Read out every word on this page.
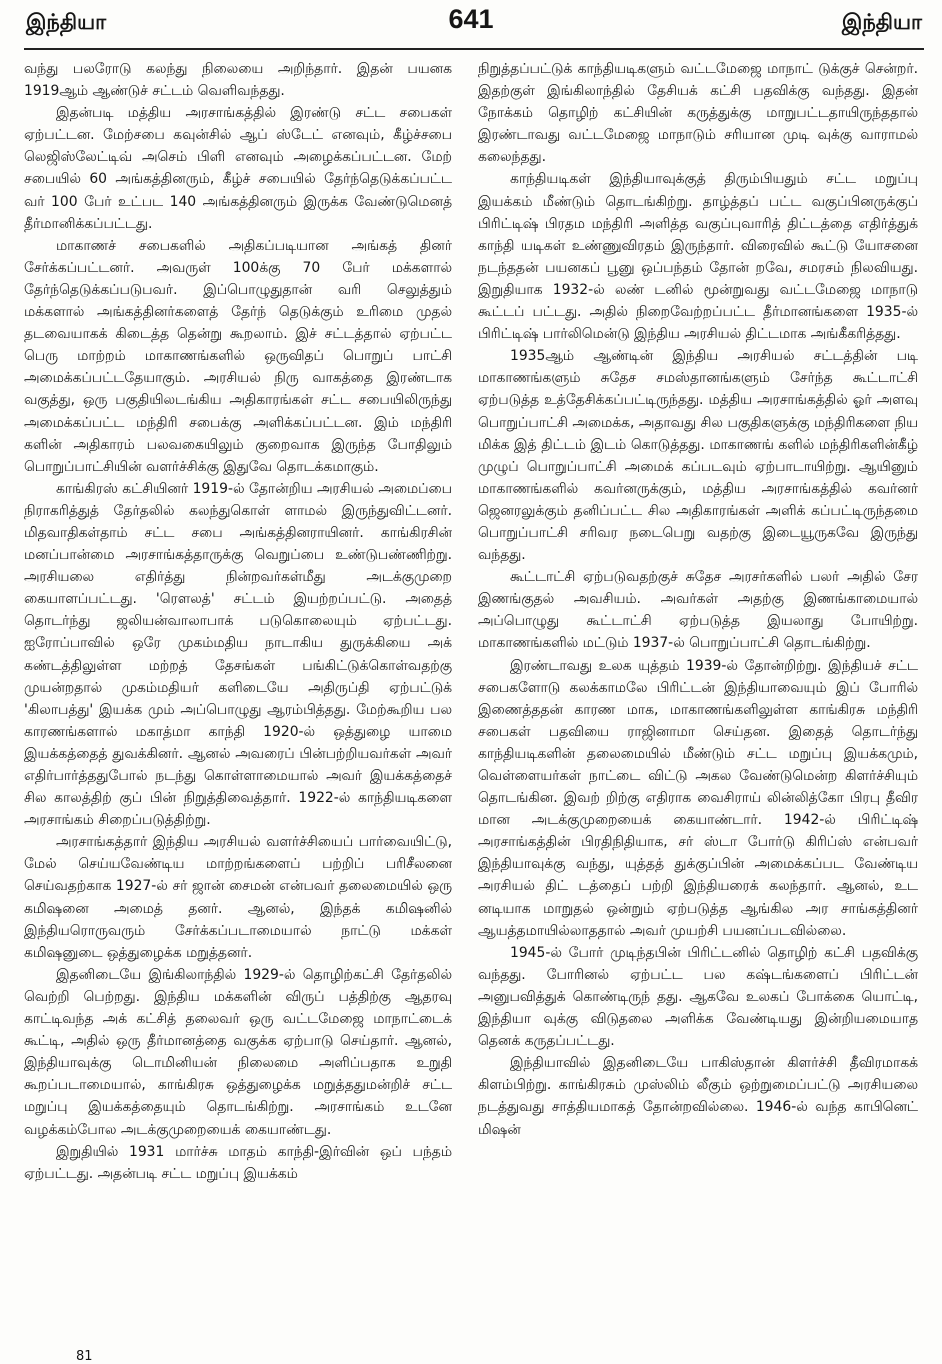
இந்தியா	641	இந்தியா

வந்து பலரோடு கலந்து நிலையை அறிந்தார். இதன் பயனக 1919ஆம் ஆண்டுச் சட்டம் வெளிவந்தது.

இதன்படி மத்திய அரசாங்கத்தில் இரண்டு சட்ட சபைகள் ஏற்பட்டன. மேற்சபை கவுன்சில் ஆப் ஸ்டேட் எனவும், கீழ்ச்சபை லெஜிஸ்லேட்டிவ் அசெம் பிளி எனவும் அழைக்கப்பட்டன. மேற் சபையில் 60 அங்கத்தினரும், கீழ்ச் சபையில் தேர்ந்தெடுக்கப்பட்ட வர் 100 பேர் உட்பட 140 அங்கத்தினரும் இருக்க வேண்டுமெனத் தீர்மானிக்கப்பட்டது.

மாகாணச் சபைகளில் அதிகப்படியான அங்கத் தினர் சேர்க்கப்பட்டனர். அவருள் 100க்கு 70 பேர் மக்களால் தேர்ந்தெடுக்கப்படுபவர். இப்பொழுதுதான் வரி செலுத்தும் மக்களால் அங்கத்தினர்களைத் தேர்ந் தெடுக்கும் உரிமை முதல் தடவையாகக் கிடைத்த தென்று கூறலாம். இச் சட்டத்தால் ஏற்பட்ட பெரு மாற்றம் மாகாணங்களில் ஒருவிதப் பொறுப் பாட்சி அமைக்கப்பட்டதேயாகும். அரசியல் நிரு வாகத்தை இரண்டாக வகுத்து, ஒரு பகுதியிலடங்கிய அதிகாரங்கள் சட்ட சபையிலிருந்து அமைக்கப்பட்ட மந்திரி சபைக்கு அளிக்கப்பட்டன. இம் மந்திரி களின் அதிகாரம் பலவகையிலும் குறைவாக இருந்த போதிலும் பொறுப்பாட்சியின் வளர்ச்சிக்கு இதுவே தொடக்கமாகும்.

காங்கிரஸ் கட்சியினர் 1919-ல் தோன்றிய அரசியல் அமைப்பை நிராகரித்துத் தேர்தலில் கலந்துகொள் ளாமல் இருந்துவிட்டனர். மிதவாதிகள்தாம் சட்ட சபை அங்கத்தினராயினர். காங்கிரசின் மனப்பான்மை அரசாங்கத்தாருக்கு வெறுப்பை உண்டுபண்ணிற்று. அரசியலை எதிர்த்து நின்றவர்கள்மீது அடக்குமுறை கையாளப்பட்டது. 'ரௌலத்' சட்டம் இயற்றப்பட்டு. அதைத் தொடர்ந்து ஜலியன்வாலாபாக் படுகொலையும் ஏற்பட்டது. ஐரோப்பாவில் ஒரே முகம்மதிய நாடாகிய துருக்கியை அக் கண்டத்திலுள்ள மற்றத் தேசங்கள் பங்கிட்டுக்கொள்வதற்கு முயன்றதால் முகம்மதியர் களிடையே அதிருப்தி ஏற்பட்டுக் 'கிலாபத்து' இயக்க மும் அப்பொழுது ஆரம்பித்தது. மேற்கூறிய பல காரணங்களால் மகாத்மா காந்தி 1920-ல் ஒத்துழை யாமை இயக்கத்தைத் துவக்கினர். ஆனல் அவரைப் பின்பற்றியவர்கள் அவர் எதிர்பார்த்ததுபோல் நடந்து கொள்ளாமையால் அவர் இயக்கத்தைச் சில காலத்திற் குப் பின் நிறுத்திவைத்தார். 1922-ல் காந்தியடிகளை அரசாங்கம் சிறைப்படுத்திற்று.

அரசாங்கத்தார் இந்திய அரசியல் வளர்ச்சியைப் பார்வையிட்டு, மேல் செய்யவேண்டிய மாற்றங்களைப் பற்றிப் பரிசீலனை செய்வதற்காக 1927-ல் சர் ஜான் சைமன் என்பவர் தலைமையில் ஒரு கமிஷனை அமைத் தனர். ஆனல், இந்தக் கமிஷனில் இந்தியரொருவரும் சேர்க்கப்படாமையால் நாட்டு மக்கள் கமிஷனுடை ஒத்துழைக்க மறுத்தனர்.

இதனிடையே இங்கிலாந்தில் 1929-ல் தொழிற்கட்சி தேர்தலில் வெற்றி பெற்றது. இந்திய மக்களின் விருப் பத்திற்கு ஆதரவு காட்டிவந்த அக் கட்சித் தலைவர் ஒரு வட்டமேஜை மாநாட்டைக் கூட்டி, அதில் ஒரு தீர்மானத்தை வகுக்க ஏற்பாடு செய்தார். ஆனல், இந்தியாவுக்கு டொமினியன் நிலைமை அளிப்பதாக உறுதி கூறப்படாமையால், காங்கிரசு ஒத்துழைக்க மறுத்ததுமன்றிச் சட்ட மறுப்பு இயக்கத்தையும் தொடங்கிற்று. அரசாங்கம் உடனே வழக்கம்போல அடக்குமுறையைக் கையாண்டது.

இறுதியில் 1931 மார்ச்சு மாதம் காந்தி-இர்வின் ஒப் பந்தம் ஏற்பட்டது. அதன்படி சட்ட மறுப்பு இயக்கம்

நிறுத்தப்பட்டுக் காந்தியடிகளும் வட்டமேஜை மாநாட் டுக்குச் சென்றர். இதற்குள் இங்கிலாந்தில் தேசியக் கட்சி பதவிக்கு வந்தது. இதன் நோக்கம் தொழிற் கட்சியின் கருத்துக்கு மாறுபட்டதாயிருந்ததால் இரண்டாவது வட்டமேஜை மாநாடும் சரியான முடி வுக்கு வாராமல் கலைந்தது.

காந்தியடிகள் இந்தியாவுக்குத் திரும்பியதும் சட்ட மறுப்பு இயக்கம் மீண்டும் தொடங்கிற்று. தாழ்த்தப் பட்ட வகுப்பினருக்குப் பிரிட்டிஷ் பிரதம மந்திரி அளித்த வகுப்புவாரித் திட்டத்தை எதிர்த்துக் காந்தி யடிகள் உண்ணுவிரதம் இருந்தார். விரைவில் கூட்டு யோசனை நடந்ததன் பயனகப் பூனு ஒப்பந்தம் தோன் றவே, சமரசம் நிலவியது. இறுதியாக 1932-ல் லண் டனில் மூன்றுவது வட்டமேஜை மாநாடு கூட்டப் பட்டது. அதில் நிறைவேற்றப்பட்ட தீர்மானங்களை 1935-ல் பிரிட்டிஷ் பார்லிமென்டு இந்திய அரசியல் திட்டமாக அங்கீகரித்தது.

1935ஆம் ஆண்டின் இந்திய அரசியல் சட்டத்தின் படி மாகாணங்களும் சுதேச சமஸ்தானங்களும் சேர்ந்த கூட்டாட்சி ஏற்படுத்த உத்தேசிக்கப்பட்டிருந்தது. மத்திய அரசாங்கத்தில் ஓர் அளவு பொறுப்பாட்சி அமைக்க, அதாவது சில பகுதிகளுக்கு மந்திரிகளை நிய மிக்க இத் திட்டம் இடம் கொடுத்தது. மாகாணங் களில் மந்திரிகளின்கீழ் முழுப் பொறுப்பாட்சி அமைக் கப்படவும் ஏற்பாடாயிற்று. ஆயினும் மாகாணங்களில் கவர்னருக்கும், மத்திய அரசாங்கத்தில் கவர்னர் ஜெனரலுக்கும் தனிப்பட்ட சில அதிகாரங்கள் அளிக் கப்பட்டிருந்தமை பொறுப்பாட்சி சரிவர நடைபெறு வதற்கு இடையூருகவே இருந்து வந்தது.

கூட்டாட்சி ஏற்படுவதற்குச் சுதேச அரசர்களில் பலர் அதில் சேர இணங்குதல் அவசியம். அவர்கள் அதற்கு இணங்காமையால் அப்பொழுது கூட்டாட்சி ஏற்படுத்த இயலாது போயிற்று. மாகாணங்களில் மட்டும் 1937-ல் பொறுப்பாட்சி தொடங்கிற்று.

இரண்டாவது உலக யுத்தம் 1939-ல் தோன்றிற்று. இந்தியச் சட்ட சபைகளோடு கலக்காமலே பிரிட்டன் இந்தியாவையும் இப் போரில் இணைத்ததன் காரண மாக, மாகாணங்களிலுள்ள காங்கிரசு மந்திரி சபைகள் பதவியை ராஜினாமா செய்தன. இதைத் தொடர்ந்து காந்தியடிகளின் தலைமையில் மீண்டும் சட்ட மறுப்பு இயக்கமும், வெள்ளையர்கள் நாட்டை விட்டு அகல வேண்டுமென்ற கிளர்ச்சியும் தொடங்கின. இவற் றிற்கு எதிராக வைசிராய் லின்லித்கோ பிரபு தீவிர மான அடக்குமுறையைக் கையாண்டார். 1942-ல் பிரிட்டிஷ் அரசாங்கத்தின் பிரதிநிதியாக, சர் ஸ்டா போர்டு கிரிப்ஸ் என்பவர் இந்தியாவுக்கு வந்து, யுத்தத் துக்குப்பின் அமைக்கப்பட வேண்டிய அரசியல் திட் டத்தைப் பற்றி இந்தியரைக் கலந்தார். ஆனல், உட னடியாக மாறுதல் ஒன்றும் ஏற்படுத்த ஆங்கில அர சாங்கத்தினர் ஆயத்தமாயில்லாததால் அவர் முயற்சி பயனப்படவில்லை.

1945-ல் போர் முடிந்தபின் பிரிட்டனில் தொழிற் கட்சி பதவிக்கு வந்தது. போரினல் ஏற்பட்ட பல கஷ்டங்களைப் பிரிட்டன் அனுபவித்துக் கொண்டிருந் தது. ஆகவே உலகப் போக்கை யொட்டி, இந்தியா வுக்கு விடுதலை அளிக்க வேண்டியது இன்றியமையாத தெனக் கருதப்பட்டது.

இந்தியாவில் இதனிடையே பாகிஸ்தான் கிளர்ச்சி தீவிரமாகக் கிளம்பிற்று. காங்கிரசும் முஸ்லிம் லீகும் ஒற்றுமைப்பட்டு அரசியலை நடத்துவது சாத்தியமாகத் தோன்றவில்லை. 1946-ல் வந்த காபினெட் மிஷன்

81
